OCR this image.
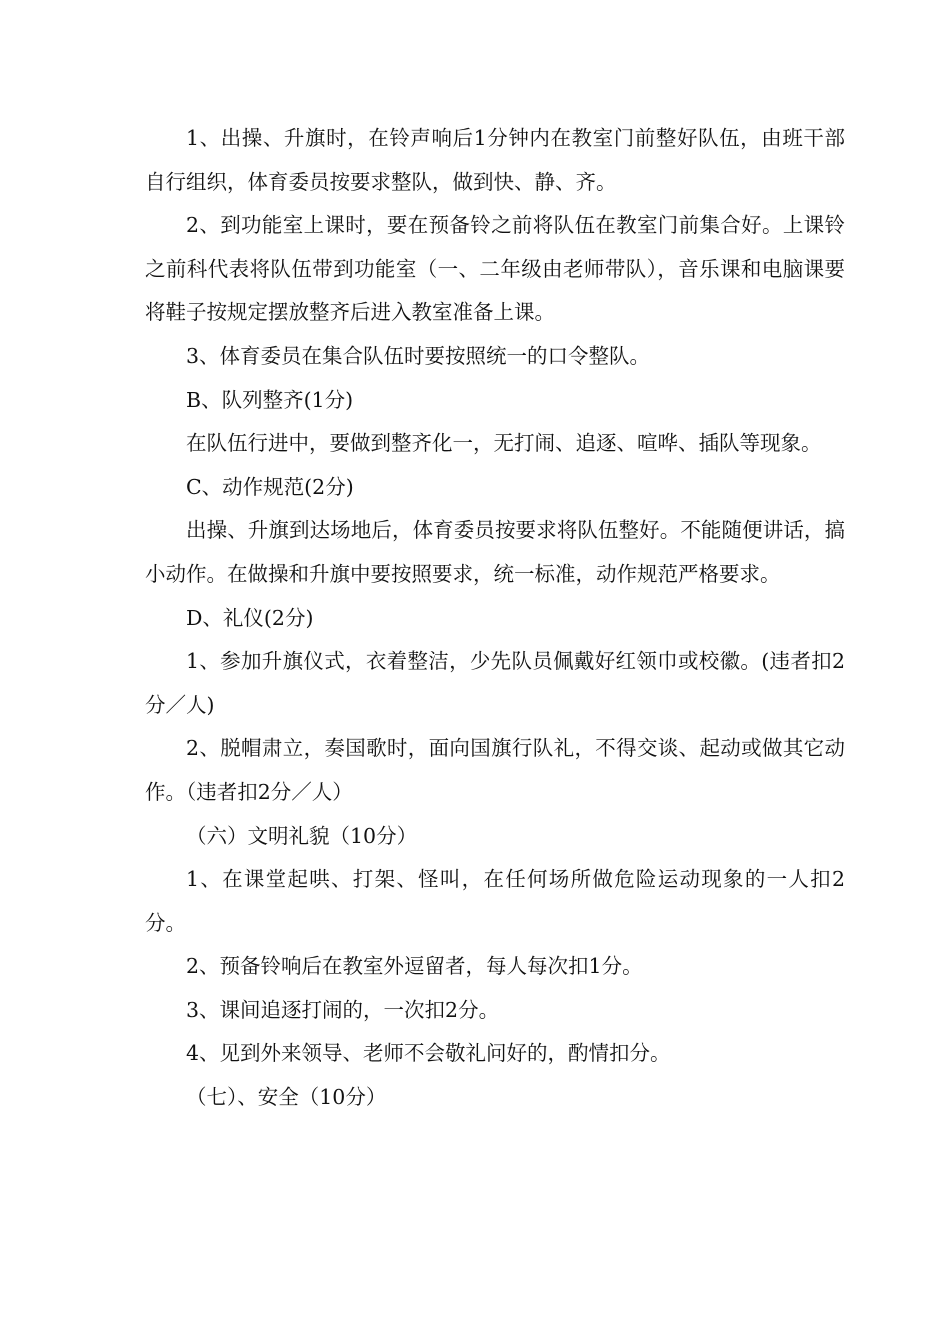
1、出操、升旗时，在铃声响后1分钟内在教室门前整好队伍，由班干部自行组织，体育委员按要求整队，做到快、静、齐。

2、到功能室上课时，要在预备铃之前将队伍在教室门前集合好。上课铃之前科代表将队伍带到功能室（一、二年级由老师带队），音乐课和电脑课要将鞋子按规定摆放整齐后进入教室准备上课。

3、体育委员在集合队伍时要按照统一的口令整队。

B、队列整齐(1分)

在队伍行进中，要做到整齐化一，无打闹、追逐、喧哗、插队等现象。

C、动作规范(2分)

出操、升旗到达场地后，体育委员按要求将队伍整好。不能随便讲话，搞小动作。在做操和升旗中要按照要求，统一标准，动作规范严格要求。

D、礼仪(2分)

1、参加升旗仪式，衣着整洁，少先队员佩戴好红领巾或校徽。(违者扣2分／人)

2、脱帽肃立，奏国歌时，面向国旗行队礼，不得交谈、起动或做其它动作。（违者扣2分／人）

（六）文明礼貌（10分）

1、在课堂起哄、打架、怪叫，在任何场所做危险运动现象的一人扣2分。

2、预备铃响后在教室外逗留者，每人每次扣1分。

3、课间追逐打闹的，一次扣2分。

4、见到外来领导、老师不会敬礼问好的，酌情扣分。

（七）、安全（10分）
